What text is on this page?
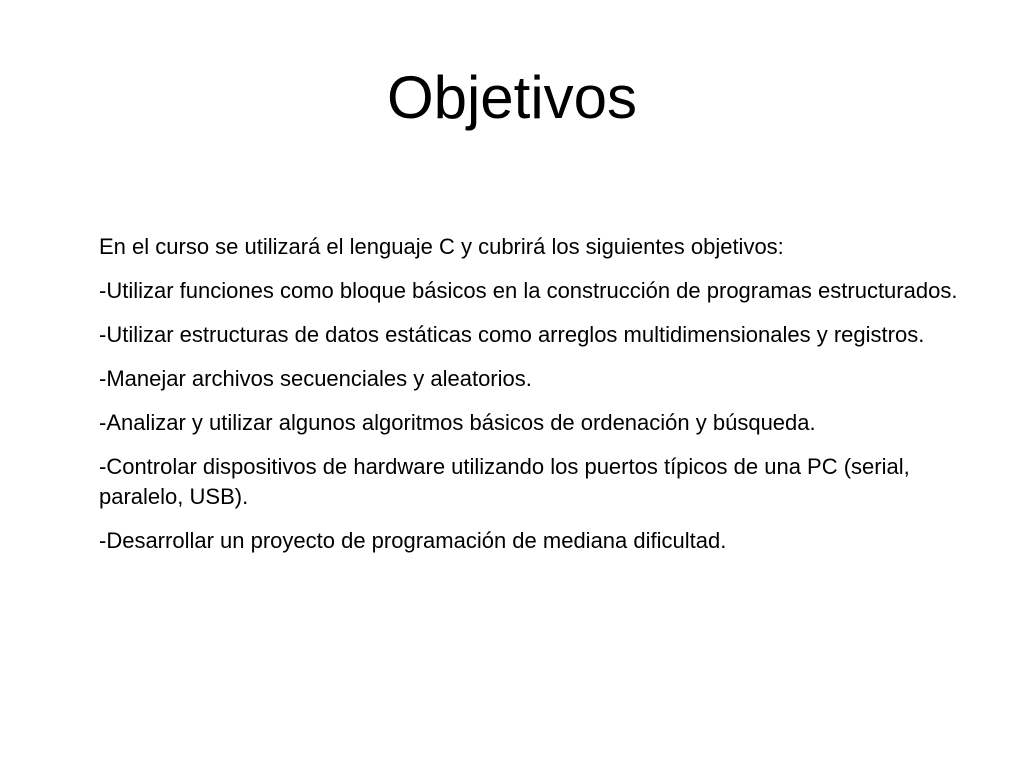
Objetivos

En el curso se utilizará el lenguaje C y cubrirá los siguientes objetivos:

-Utilizar funciones como bloque básicos en la construcción de programas estructurados.

-Utilizar estructuras de datos estáticas como arreglos multidimensionales y registros.

-Manejar archivos secuenciales y aleatorios.

-Analizar y utilizar algunos algoritmos básicos de ordenación y búsqueda.

-Controlar dispositivos de hardware utilizando los puertos típicos de una PC (serial, paralelo, USB).

-Desarrollar un proyecto de programación de mediana dificultad.
